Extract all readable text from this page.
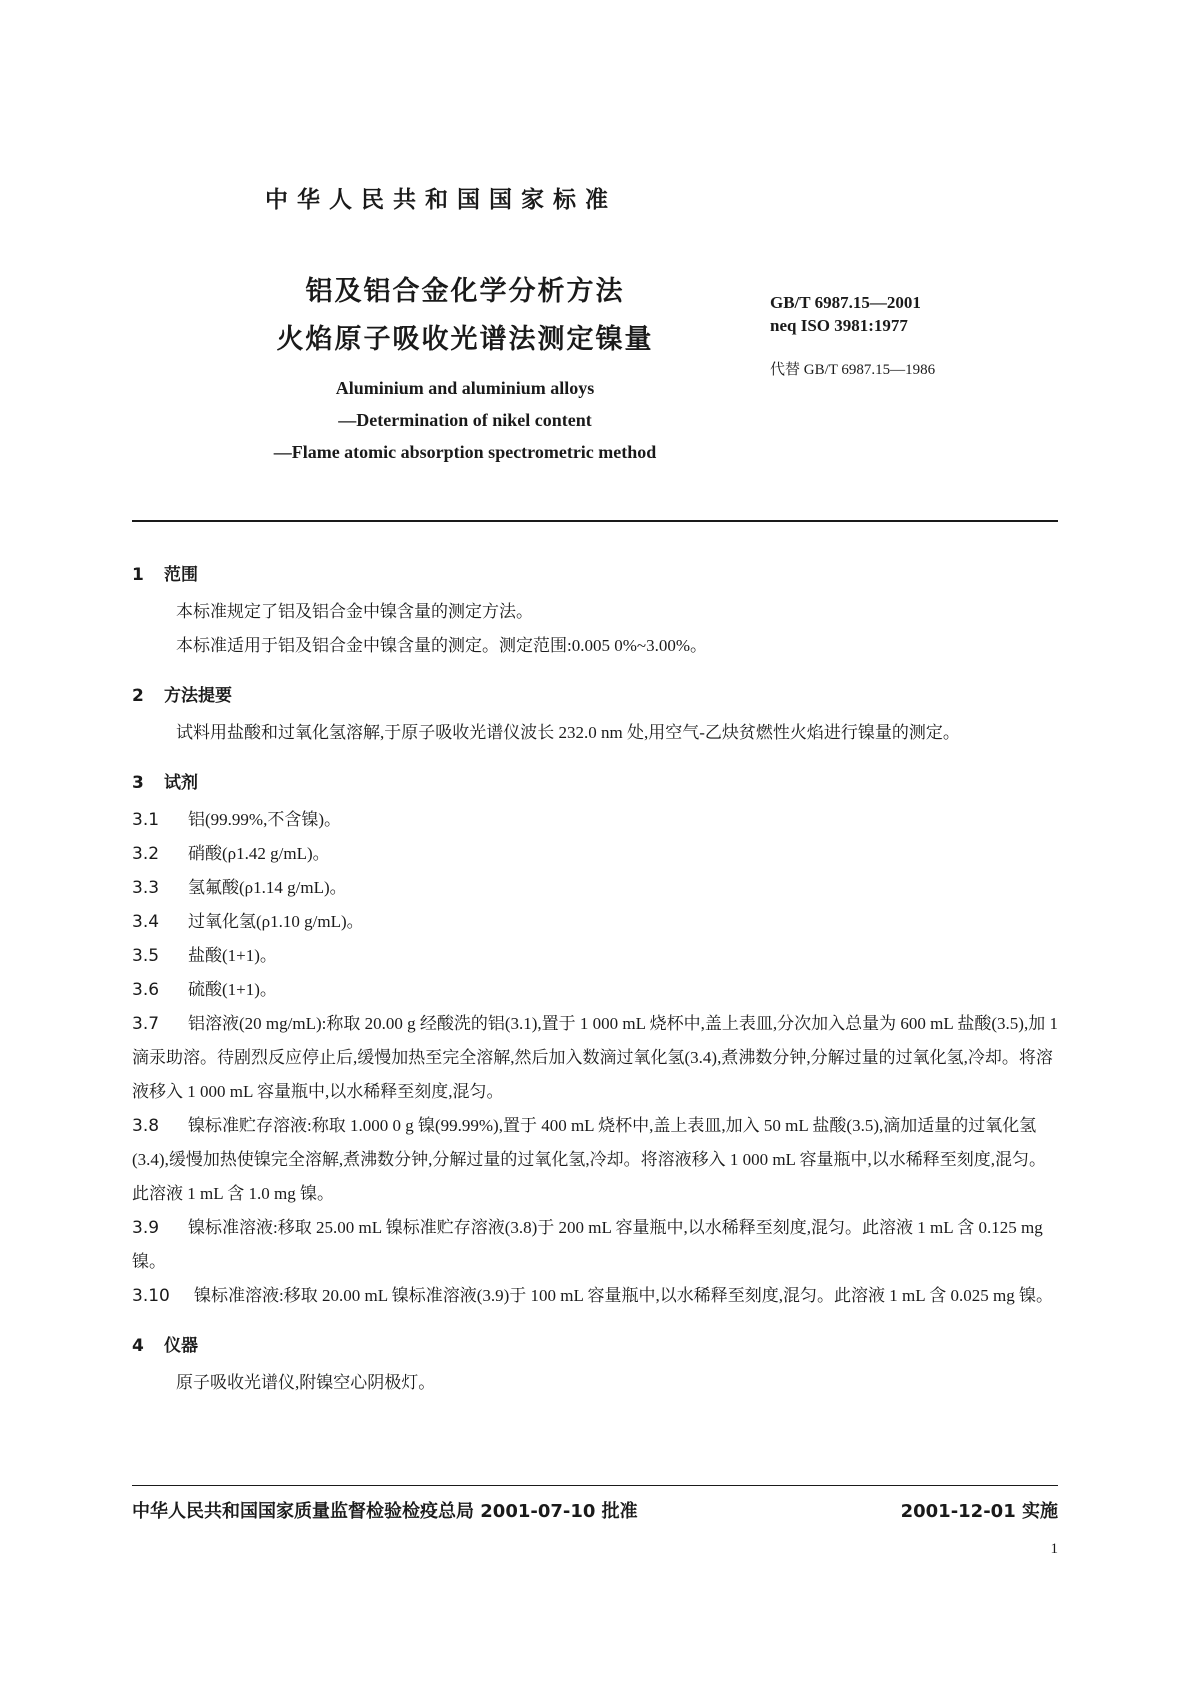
中华人民共和国国家标准
铝及铝合金化学分析方法
火焰原子吸收光谱法测定镍量
GB/T 6987.15—2001
neq ISO 3981:1977
代替 GB/T 6987.15—1986
Aluminium and aluminium alloys
—Determination of nikel content
—Flame atomic absorption spectrometric method

1 范围

本标准规定了铝及铝合金中镍含量的测定方法。

本标准适用于铝及铝合金中镍含量的测定。测定范围:0.005 0%~3.00%。

2 方法提要

试料用盐酸和过氧化氢溶解,于原子吸收光谱仪波长 232.0 nm 处,用空气-乙炔贫燃性火焰进行镍量的测定。

3 试剂

3.1 铝(99.99%,不含镍)。

3.2 硝酸(ρ1.42 g/mL)。

3.3 氢氟酸(ρ1.14 g/mL)。

3.4 过氧化氢(ρ1.10 g/mL)。

3.5 盐酸(1+1)。

3.6 硫酸(1+1)。

3.7 铝溶液(20 mg/mL):称取 20.00 g 经酸洗的铝(3.1),置于 1 000 mL 烧杯中,盖上表皿,分次加入总量为 600 mL 盐酸(3.5),加 1 滴汞助溶。待剧烈反应停止后,缓慢加热至完全溶解,然后加入数滴过氧化氢(3.4),煮沸数分钟,分解过量的过氧化氢,冷却。将溶液移入 1 000 mL 容量瓶中,以水稀释至刻度,混匀。

3.8 镍标准贮存溶液:称取 1.000 0 g 镍(99.99%),置于 400 mL 烧杯中,盖上表皿,加入 50 mL 盐酸(3.5),滴加适量的过氧化氢(3.4),缓慢加热使镍完全溶解,煮沸数分钟,分解过量的过氧化氢,冷却。将溶液移入 1 000 mL 容量瓶中,以水稀释至刻度,混匀。此溶液 1 mL 含 1.0 mg 镍。

3.9 镍标准溶液:移取 25.00 mL 镍标准贮存溶液(3.8)于 200 mL 容量瓶中,以水稀释至刻度,混匀。此溶液 1 mL 含 0.125 mg 镍。

3.10 镍标准溶液:移取 20.00 mL 镍标准溶液(3.9)于 100 mL 容量瓶中,以水稀释至刻度,混匀。此溶液 1 mL 含 0.025 mg 镍。

4 仪器

原子吸收光谱仪,附镍空心阴极灯。

中华人民共和国国家质量监督检验检疫总局 2001-07-10 批准	2001-12-01 实施
1
